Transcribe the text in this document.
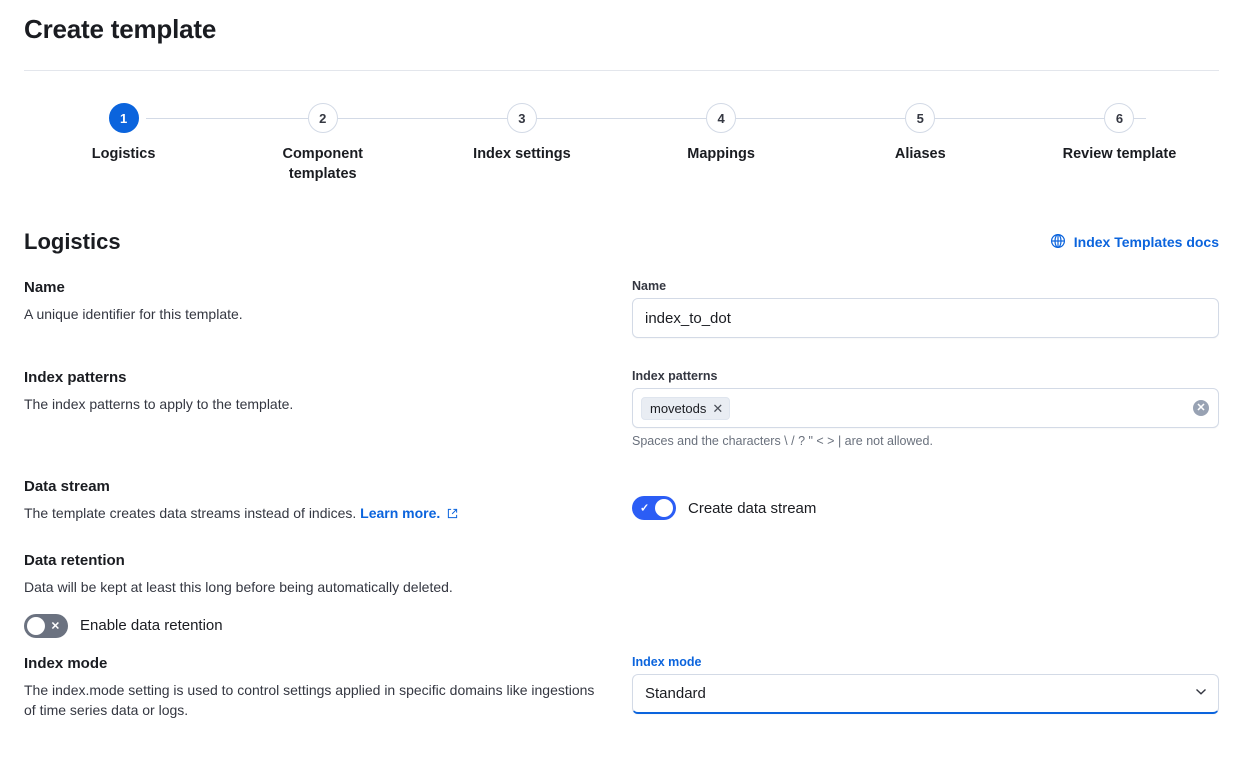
Create template
1
Logistics
2
Component templates
3
Index settings
4
Mappings
5
Aliases
6
Review template
Logistics	Index Templates docs
Name

A unique identifier for this template.

Name
index_to_dot
Index patterns

The index patterns to apply to the template.

Index patterns
movetods ✕	✕
Spaces and the characters \ / ? " < > | are not allowed.
Data stream

The template creates data streams instead of indices. Learn more.	✓	Create data stream
Data retention

Data will be kept at least this long before being automatically deleted.

✕ Enable data retention
Index mode

The index.mode setting is used to control settings applied in specific domains like ingestions of time series data or logs.

Index mode
Standard
